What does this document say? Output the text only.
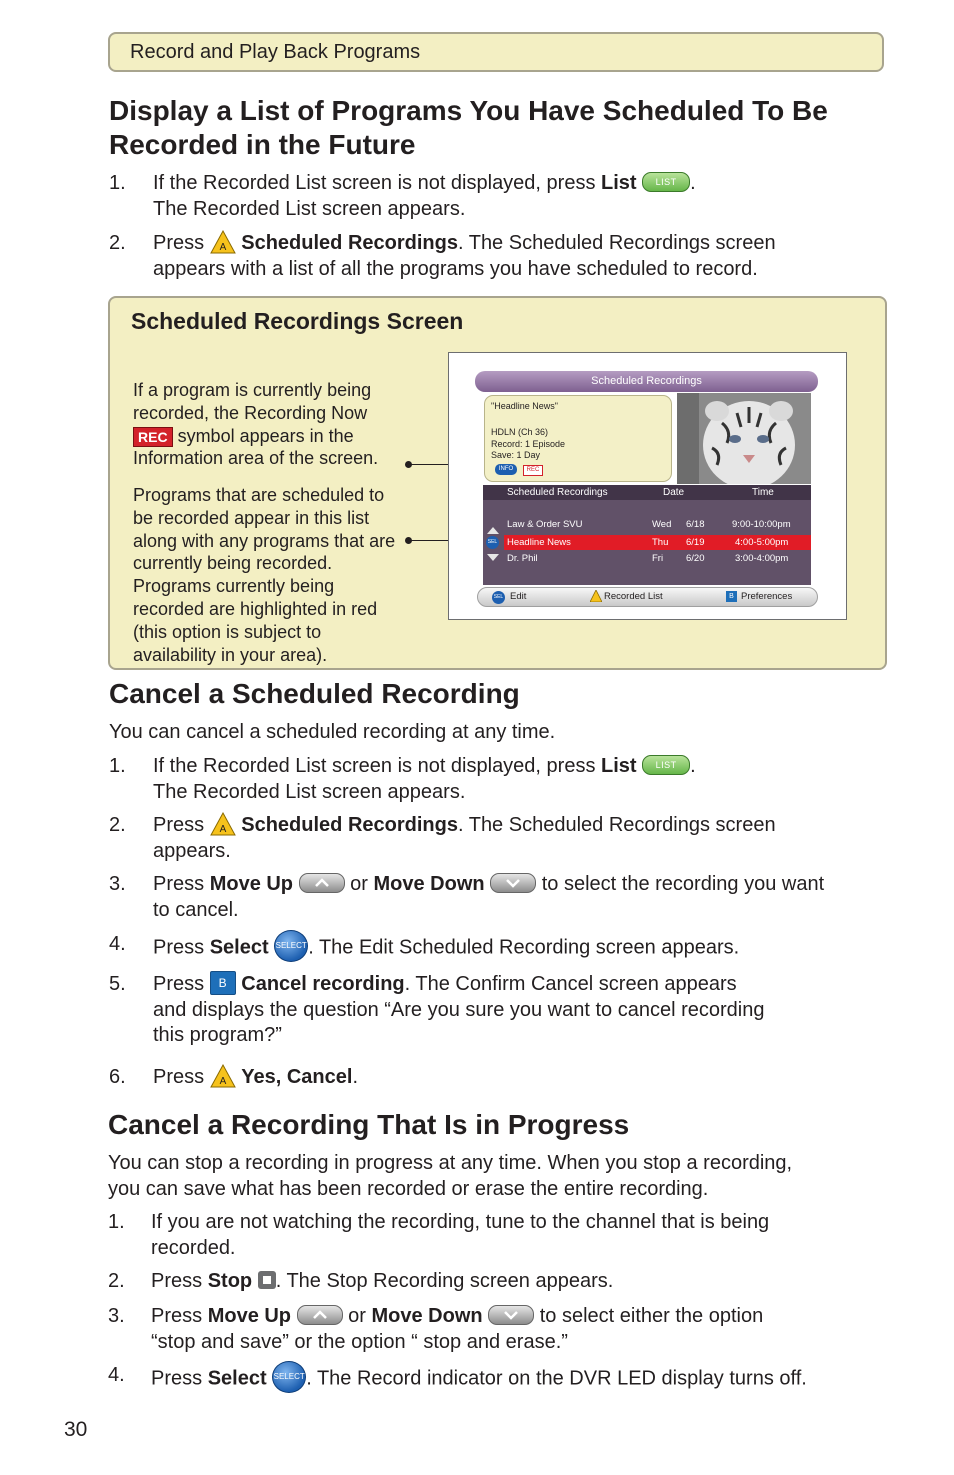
Record and Play Back Programs
Display a List of Programs You Have Scheduled To Be
Recorded in the Future
1. If the Recorded List screen is not displayed, press List LIST .
The Recorded List screen appears.
2. Press A Scheduled Recordings. The Scheduled Recordings screen
appears with a list of all the programs you have scheduled to record.
Scheduled Recordings Screen
If a program is currently being recorded, the Recording Now REC symbol appears in the Information area of the screen.
Programs that are scheduled to be recorded appear in this list along with any programs that are currently being recorded. Programs currently being recorded are highlighted in red (this option is subject to availability in your area).
Scheduled Recordings
"Headline News"
HDLN (Ch 36)
Record: 1 Episode
Save: 1 Day
INFO	REC
Scheduled Recordings	Date	Time
SEL
Law & Order SVU	Wed 6/18	9:00-10:00pm
Headline News	Thu 6/19	4:00-5:00pm
Dr. Phil	Fri 6/20	3:00-4:00pm
SEL Edit	Recorded List	B Preferences
Cancel a Scheduled Recording

You can cancel a scheduled recording at any time.

1. If the Recorded List screen is not displayed, press List LIST .
The Recorded List screen appears.
2. Press A Scheduled Recordings. The Scheduled Recordings screen
appears.
3. Press Move Up	or Move Down	to select the recording you want
to cancel.
4. Press Select SELECT. The Edit Scheduled Recording screen appears.
5. Press B Cancel recording. The Confirm Cancel screen appears
and displays the question “Are you sure you want to cancel recording
this program?”
6. Press A Yes, Cancel.
Cancel a Recording That Is in Progress

You can stop a recording in progress at any time. When you stop a recording,
you can save what has been recorded or erase the entire recording.

1. If you are not watching the recording, tune to the channel that is being
recorded.
2. Press Stop . The Stop Recording screen appears.
3. Press Move Up	or Move Down	to select either the option
“stop and save” or the option “ stop and erase.”
4. Press Select SELECT. The Record indicator on the DVR LED display turns off.
30
